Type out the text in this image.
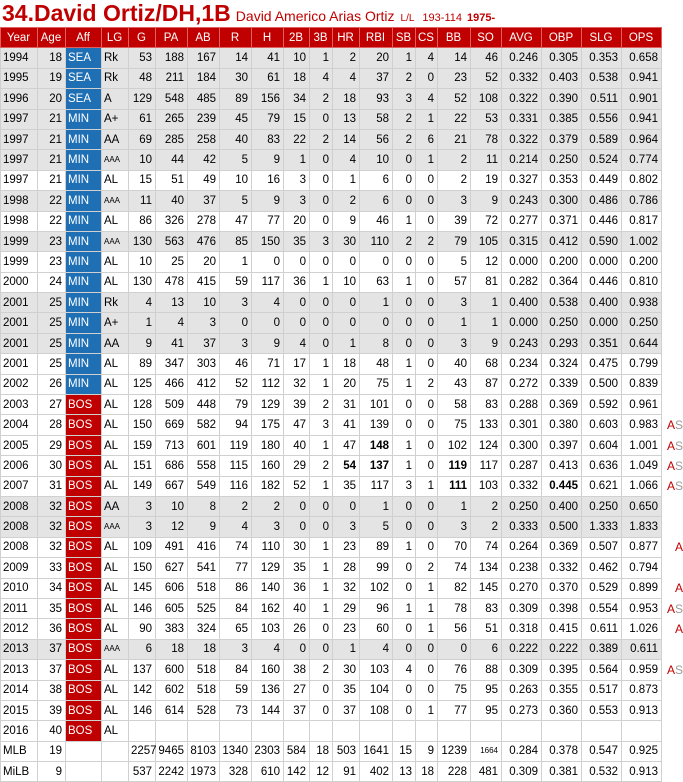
34.David Ortiz/DH,1B David Americo Arias Ortiz L/L 193-114 1975-
Year	Age	Aff	LG	G	PA	AB	R	H	2B	3B	HR	RBI	SB	CS	BB	SO	AVG	OBP	SLG	OPS
1994	18	SEA	Rk	53	188	167	14	41	10	1	2	20	1	4	14	46	0.246	0.305	0.353	0.658
1995	19	SEA	Rk	48	211	184	30	61	18	4	4	37	2	0	23	52	0.332	0.403	0.538	0.941
1996	20	SEA	A	129	548	485	89	156	34	2	18	93	3	4	52	108	0.322	0.390	0.511	0.901
1997	21	MIN	A+	61	265	239	45	79	15	0	13	58	2	1	22	53	0.331	0.385	0.556	0.941
1997	21	MIN	AA	69	285	258	40	83	22	2	14	56	2	6	21	78	0.322	0.379	0.589	0.964
1997	21	MIN	AAA	10	44	42	5	9	1	0	4	10	0	1	2	11	0.214	0.250	0.524	0.774
1997	21	MIN	AL	15	51	49	10	16	3	0	1	6	0	0	2	19	0.327	0.353	0.449	0.802
1998	22	MIN	AAA	11	40	37	5	9	3	0	2	6	0	0	3	9	0.243	0.300	0.486	0.786
1998	22	MIN	AL	86	326	278	47	77	20	0	9	46	1	0	39	72	0.277	0.371	0.446	0.817
1999	23	MIN	AAA	130	563	476	85	150	35	3	30	110	2	2	79	105	0.315	0.412	0.590	1.002
1999	23	MIN	AL	10	25	20	1	0	0	0	0	0	0	0	5	12	0.000	0.200	0.000	0.200
2000	24	MIN	AL	130	478	415	59	117	36	1	10	63	1	0	57	81	0.282	0.364	0.446	0.810
2001	25	MIN	Rk	4	13	10	3	4	0	0	0	1	0	0	3	1	0.400	0.538	0.400	0.938
2001	25	MIN	A+	1	4	3	0	0	0	0	0	0	0	0	1	1	0.000	0.250	0.000	0.250
2001	25	MIN	AA	9	41	37	3	9	4	0	1	8	0	0	3	9	0.243	0.293	0.351	0.644
2001	25	MIN	AL	89	347	303	46	71	17	1	18	48	1	0	40	68	0.234	0.324	0.475	0.799
2002	26	MIN	AL	125	466	412	52	112	32	1	20	75	1	2	43	87	0.272	0.339	0.500	0.839
2003	27	BOS	AL	128	509	448	79	129	39	2	31	101	0	0	58	83	0.288	0.369	0.592	0.961
2004	28	BOS	AL	150	669	582	94	175	47	3	41	139	0	0	75	133	0.301	0.380	0.603	0.983 AS

2005	29	BOS	AL	159	713	601	119	180	40	1	47	148	1	0	102	124	0.300	0.397	0.604	1.001 AS

2006	30	BOS	AL	151	686	558	115	160	29	2	54	137	1	0	119	117	0.287	0.413	0.636	1.049 AS

2007	31	BOS	AL	149	667	549	116	182	52	1	35	117	3	1	111	103	0.332	0.445	0.621	1.066 AS

2008	32	BOS	AA	3	10	8	2	2	0	0	0	1	0	0	1	2	0.250	0.400	0.250	0.650
2008	32	BOS	AAA	3	12	9	4	3	0	0	3	5	0	0	3	2	0.333	0.500	1.333	1.833
2008	32	BOS	AL	109	491	416	74	110	30	1	23	89	1	0	70	74	0.264	0.369	0.507	0.877 A

2009	33	BOS	AL	150	627	541	77	129	35	1	28	99	0	2	74	134	0.238	0.332	0.462	0.794
2010	34	BOS	AL	145	606	518	86	140	36	1	32	102	0	1	82	145	0.270	0.370	0.529	0.899 A

2011	35	BOS	AL	146	605	525	84	162	40	1	29	96	1	1	78	83	0.309	0.398	0.554	0.953 AS

2012	36	BOS	AL	90	383	324	65	103	26	0	23	60	0	1	56	51	0.318	0.415	0.611	1.026 A

2013	37	BOS	AAA	6	18	18	3	4	0	0	1	4	0	0	0	6	0.222	0.222	0.389	0.611
2013	37	BOS	AL	137	600	518	84	160	38	2	30	103	4	0	76	88	0.309	0.395	0.564	0.959 AS

2014	38	BOS	AL	142	602	518	59	136	27	0	35	104	0	0	75	95	0.263	0.355	0.517	0.873
2015	39	BOS	AL	146	614	528	73	144	37	0	37	108	0	1	77	95	0.273	0.360	0.553	0.913
2016	40	BOS	AL																	
MLB	19			2257	9465	8103	1340	2303	584	18	503	1641	15	9	1239	1664	0.284	0.378	0.547	0.925
MiLB	9			537	2242	1973	328	610	142	12	91	402	13	18	228	481	0.309	0.381	0.532	0.913
